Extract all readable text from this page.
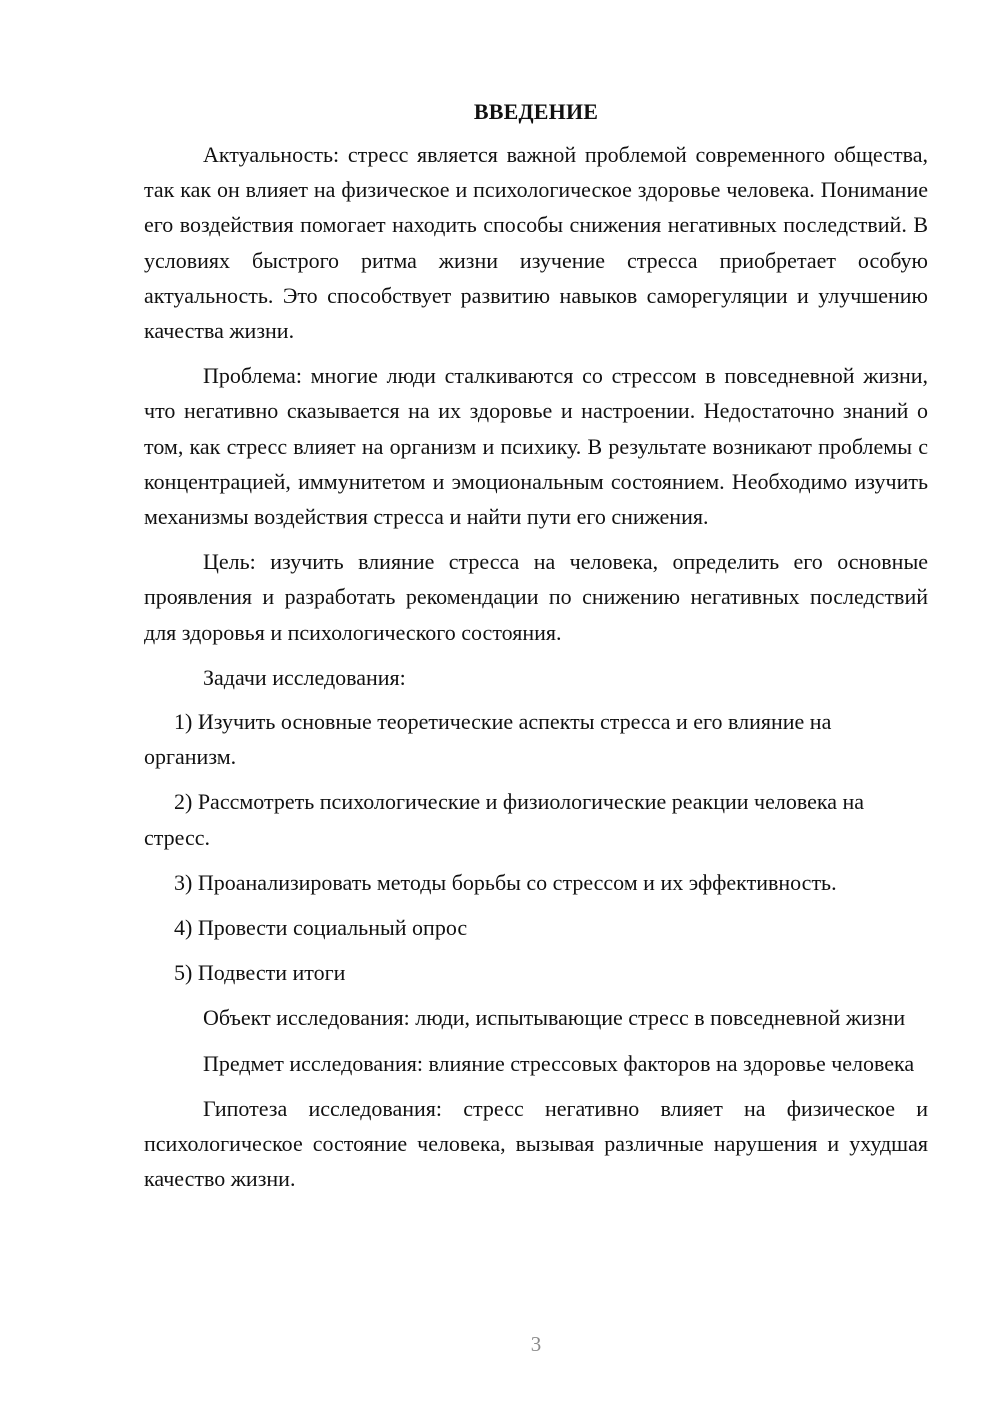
ВВЕДЕНИЕ

Актуальность: стресс является важной проблемой современного общества, так как он влияет на физическое и психологическое здоровье человека. Понимание его воздействия помогает находить способы снижения негативных последствий. В условиях быстрого ритма жизни изучение стресса приобретает особую актуальность. Это способствует развитию навыков саморегуляции и улучшению качества жизни.

Проблема: многие люди сталкиваются со стрессом в повседневной жизни, что негативно сказывается на их здоровье и настроении. Недостаточно знаний о том, как стресс влияет на организм и психику. В результате возникают проблемы с концентрацией, иммунитетом и эмоциональным состоянием. Необходимо изучить механизмы воздействия стресса и найти пути его снижения.

Цель: изучить влияние стресса на человека, определить его основные проявления и разработать рекомендации по снижению негативных последствий для здоровья и психологического состояния.

Задачи исследования:

1) Изучить основные теоретические аспекты стресса и его влияние на организм.

2) Рассмотреть психологические и физиологические реакции человека на стресс.

3) Проанализировать методы борьбы со стрессом и их эффективность.

4) Провести социальный опрос

5) Подвести итоги

Объект исследования: люди, испытывающие стресс в повседневной жизни

Предмет исследования: влияние стрессовых факторов на здоровье человека

Гипотеза исследования: стресс негативно влияет на физическое и психологическое состояние человека, вызывая различные нарушения и ухудшая качество жизни.

3
